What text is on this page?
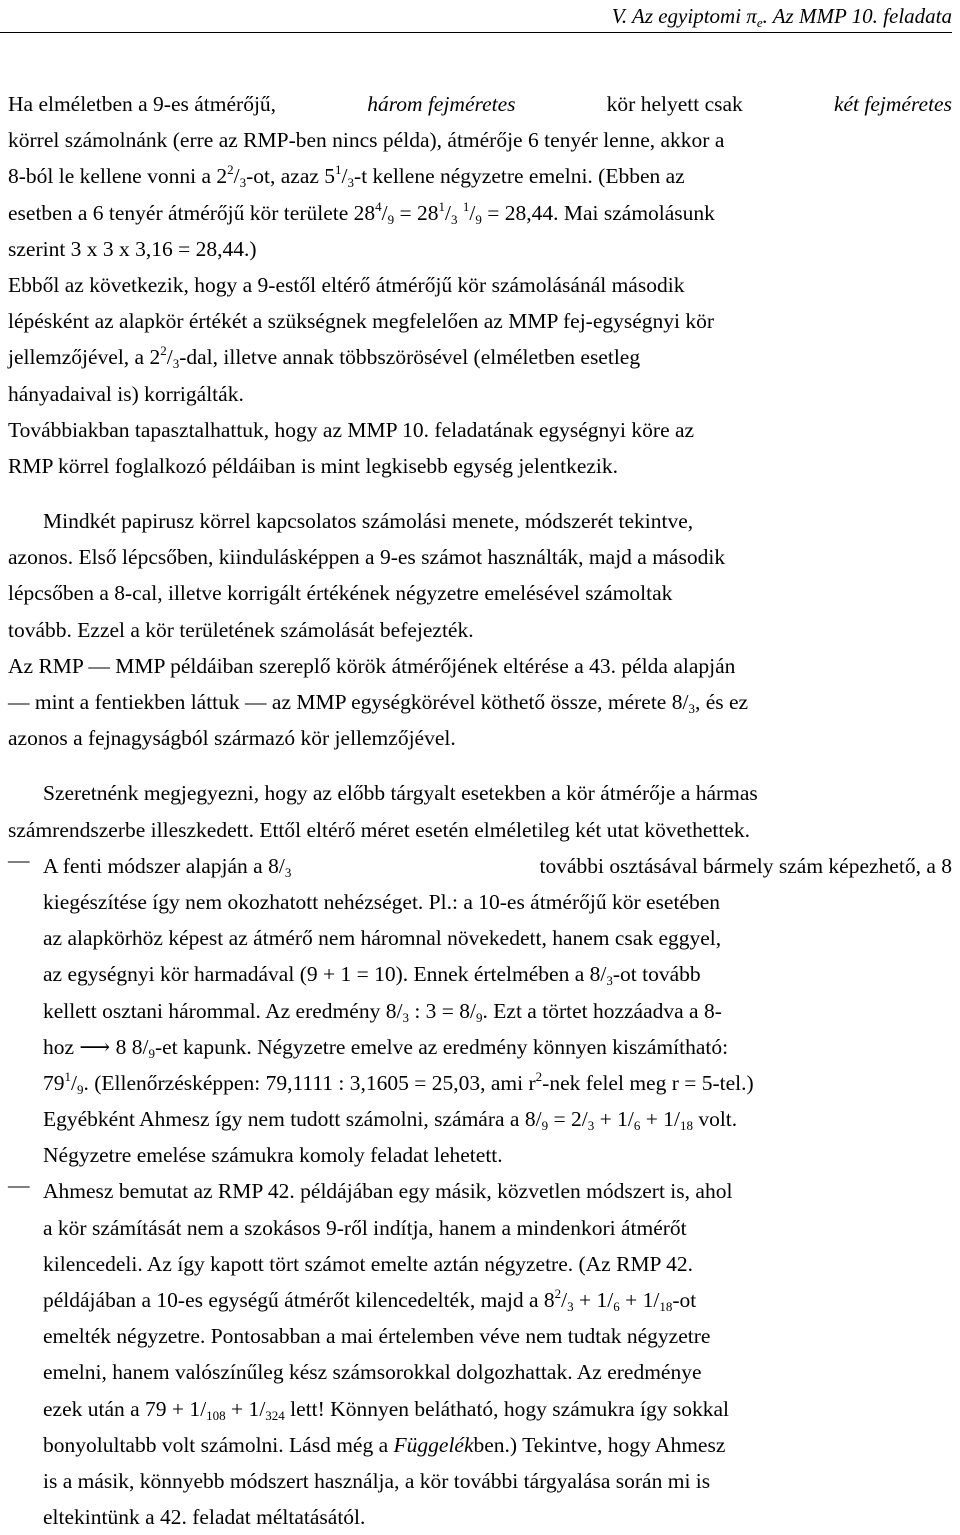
V. Az egyiptomi $\pi_e$. Az MMP 10. feladata
Ha elméletben a 9-es átmérőjű,	három fejméretes	kör helyett csak	két fejméretes
körrel számolnánk (erre az RMP-ben nincs példa), átmérője 6 tenyér lenne, akkor a
8-ból le kellene vonni a $2^2/_3-ot$, azaz $5^1/_3-t$ kellene négyzetre emelni. (Ebben az
esetben a 6 tenyér átmérőjű kör területe $28^4/_9 = 28^1/_3$ $^1/_9 = 28,44$. Mai számolásunk
szerint 3 x 3 x 3,16 = 28,44.)
Ebből az következik, hogy a 9-estől eltérő átmérőjű kör számolásánál második
lépésként az alapkör értékét a szükségnek megfelelően az MMP fej-egységnyi kör
jellemzőjével, a $2^2/_3$-dal, illetve annak többszörösével (elméletben esetleg
hányadaival is) korrigálták.
Továbbiakban tapasztalhattuk, hogy az MMP 10. feladatának egységnyi köre az
RMP körrel foglalkozó példáiban is mint legkisebb egység jelentkezik.
Mindkét papirusz körrel kapcsolatos számolási menete, módszerét tekintve,
azonos. Első lépcsőben, kiindulásképpen a 9-es számot használták, majd a második
lépcsőben a 8-cal, illetve korrigált értékének négyzetre emelésével számoltak
tovább. Ezzel a kör területének számolását befejezték.
Az RMP — MMP példáiban szereplő körök átmérőjének eltérése a 43. példa alapján
— mint a fentiekben láttuk — az MMP egységkörével köthető össze, mérete $8/_3$, és ez
azonos a fejnagyságból származó kör jellemzőjével.
Szeretnénk megjegyezni, hogy az előbb tárgyalt esetekben a kör átmérője a hármas
számrendszerbe illeszkedett. Ettől eltérő méret esetén elméletileg két utat követhettek.
— A fenti módszer alapján a $8/_3$	további osztásával bármely szám képezhető, a 8
kiegészítése így nem okozhatott nehézséget. Pl.: a 10-es átmérőjű kör esetében
az alapkörhöz képest az átmérő nem háromnal növekedett, hanem csak eggyel,
az egységnyi kör harmadával (9 + 1 = 10). Ennek értelmében a $8/_3-ot$ tovább
kellett osztani hárommal. Az eredmény $8/_3$ : $3 = 8/_9$. Ezt a törtet hozzáadva a 8-
hoz ⟶ 8 $8/_9-et$ kapunk. Négyzetre emelve az eredmény könnyen kiszámítható:
$79^1/_9$. (Ellenőrzésképpen: 79,1111 : 3,1605 = 25,03, ami $r^2$-nek felel meg r = 5-tel.)
Egyébként Ahmesz így nem tudott számolni, számára a $8/_9 = 2/_3 + 1/_6 + 1/_{18}$ volt.
Négyzetre emelése számukra komoly feladat lehetett.
— Ahmesz bemutat az RMP 42. példájában egy másik, közvetlen módszert is, ahol
a kör számítását nem a szokásos 9-ről indítja, hanem a mindenkori átmérőt
kilencedeli. Az így kapott tört számot emelte aztán négyzetre. (Az RMP 42.
példájában a 10-es egységű átmérőt kilencedelték, majd a $8^2/_3 + 1/_6 + 1/_{18}-ot$
emelték négyzetre. Pontosabban a mai értelemben véve nem tudtak négyzetre
emelni, hanem valószínűleg kész számsorokkal dolgozhattak. Az eredménye
ezek után a $79 + 1/_{108} + 1/_{324}$ lett! Könnyen belátható, hogy számukra így sokkal
bonyolultabb volt számolni. Lásd még a Függelékben.) Tekintve, hogy Ahmesz
is a másik, könnyebb módszert használja, a kör további tárgyalása során mi is
eltekintünk a 42. feladat méltatásától.
